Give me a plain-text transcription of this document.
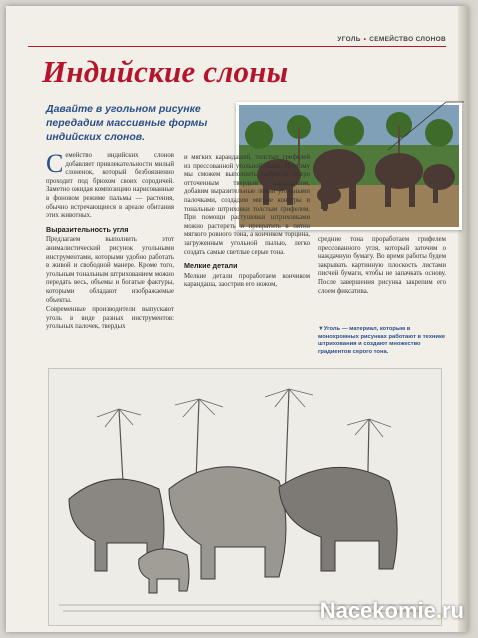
УГОЛЬ • СЕМЕЙСТВО СЛОНОВ
Индийские слоны

Давайте в угольном рисунке передадим массивные формы индийских слонов.

Семейство индийских слонов добавляет привлекательности милый слоненок, который безбоязненно проходит под брюхом своих сородичей. Заметно ожидая композицию нарисованные в фоновом режиме пальмы — растения, обычно встречающиеся в ареале обитания этих животных.

Выразительность угля

Предлагаем выполнить этот анималистический рисунок угольными инструментами, которыми удобно работать в живой и свободной манере. Кроме того, угольным тональным штрихованием можно передать весь, объемы и богатые фактуры, которыми обладают изображаемые объекты.

Современные производители выпускают уголь в виде разных инструментов: угольных палочек, твердых

и мягких карандашей, толстых грифелей из прессованной угольной пыли. Поэтому мы сможем выполнить набросок остро отточенным твердым карандашом, добавим выразительные линии угольными палочками, создадим мягкие контуры и тональные штриховки толстым грифелем. При помощи растушевки штриховками можно растереть и превратить в пятно мягкого ровного тона, а кончиком торцина, загруженным угольной пылью, легко создать самые светлые серые тона.

Мелкие детали

Мелкие детали проработаем кончиком карандаша, заострив его ножом,

средние тона проработаем грифелем прессованного угля, который заточим о наждачную бумагу. Во время работы будем закрывать картинную плоскость листами писчей бумаги, чтобы не запачкать основу. После завершения рисунка закрепим его слоем фиксатива.

▼Уголь — материал, которым в монохромных рисунках работают в технике штрихования и создают множество градиентов серого тона.
Nacekomie.ru
